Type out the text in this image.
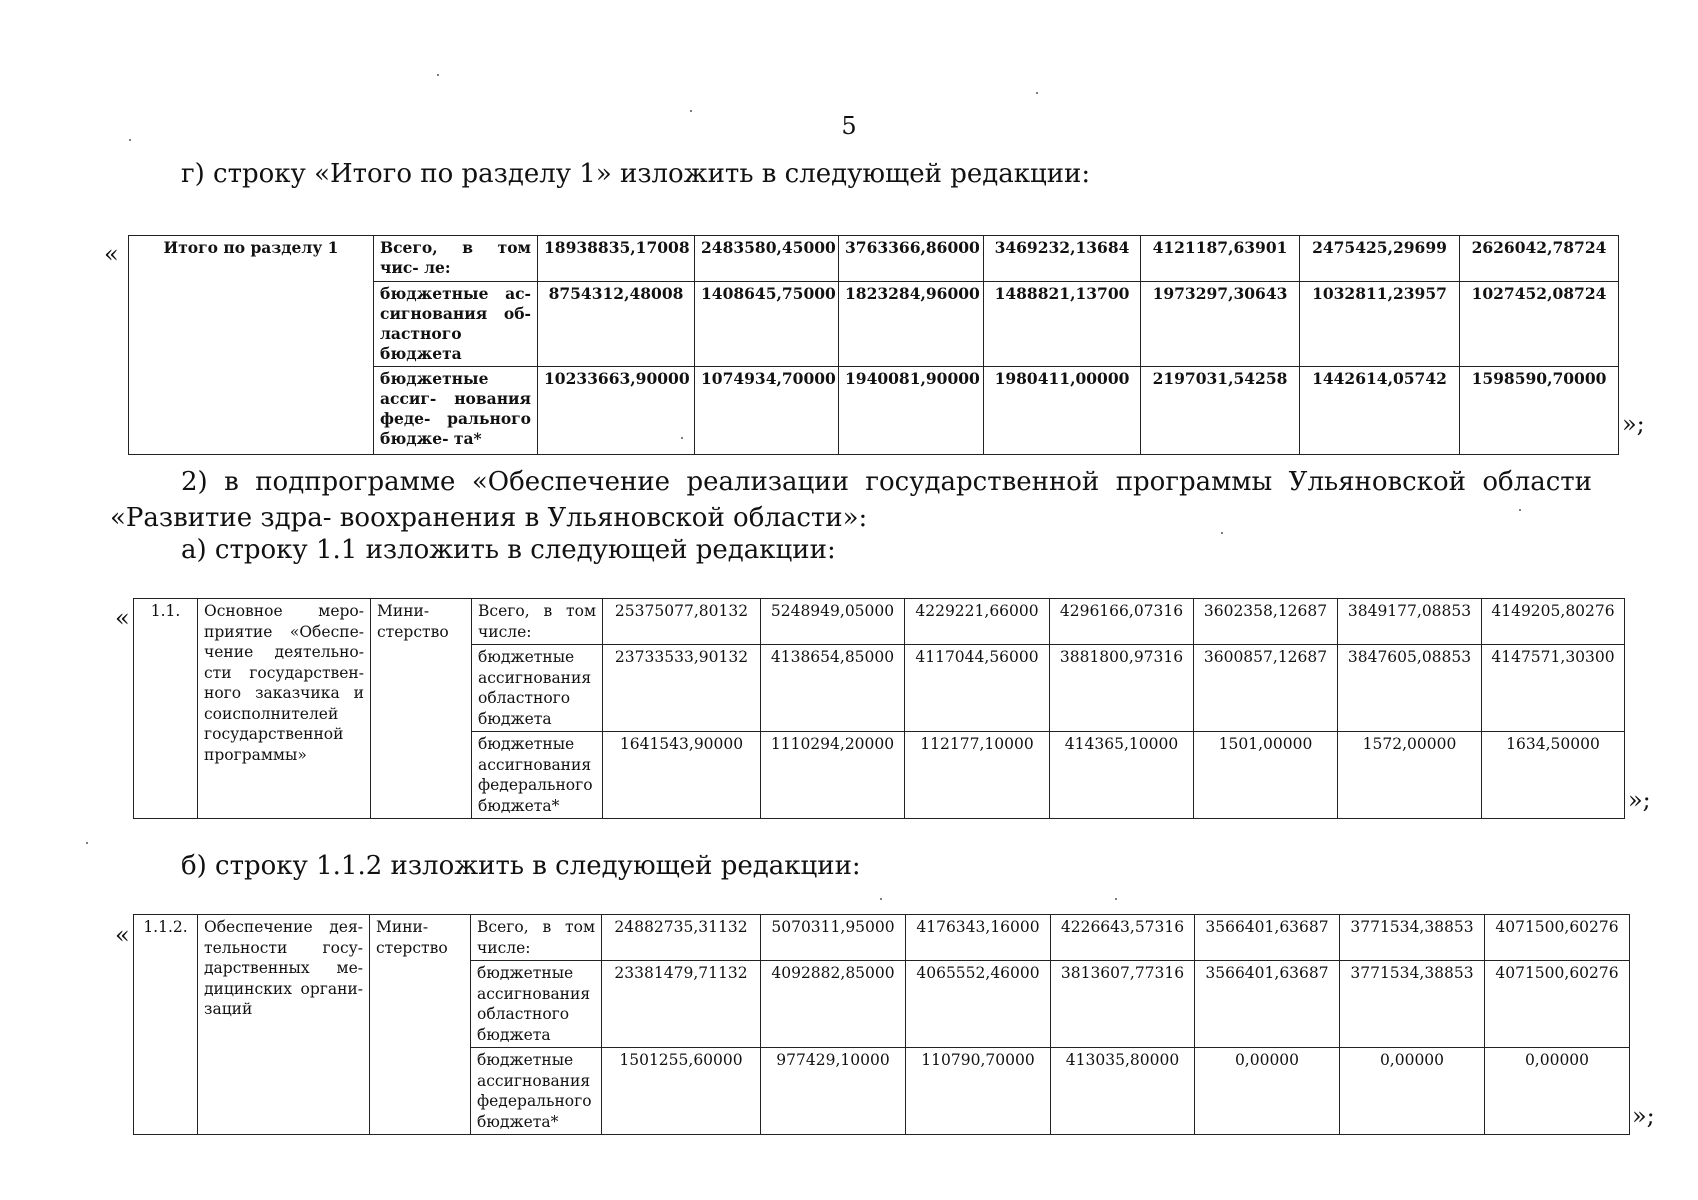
5
г) строку «Итого по разделу 1» изложить в следующей редакции:
«	Итого по разделу 1	Всего, в том чис- ле:	18938835,17008	2483580,45000	3763366,86000	3469232,13684	4121187,63901	2475425,29699	2626042,78724
	бюджетные ас- сигнования об- ластного бюджета	8754312,48008	1408645,75000	1823284,96000	1488821,13700	1973297,30643	1032811,23957	1027452,08724
	бюджетные ассиг- нования феде- рального бюдже- та*	10233663,90000	1074934,70000	1940081,90000	1980411,00000	2197031,54258	1442614,05742	1598590,70000
»;
2) в подпрограмме «Обеспечение реализации государственной программы Ульяновской области «Развитие здра- воохранения в Ульяновской области»:
а) строку 1.1 изложить в следующей редакции:
« 1.1.	Основное меро- приятие «Обеспе- чение деятельно- сти государствен- ного заказчика и соисполнителей государственной программы»	Мини- стерство	Всего, в том числе:	25375077,80132	5248949,05000	4229221,66000	4296166,07316	3602358,12687	3849177,08853	4149205,80276
			бюджетные ассигнования областного бюджета	23733533,90132	4138654,85000	4117044,56000	3881800,97316	3600857,12687	3847605,08853	4147571,30300
			бюджетные ассигнования федерального бюджета*	1641543,90000	1110294,20000	112177,10000	414365,10000	1501,00000	1572,00000	1634,50000
»;
б) строку 1.1.2 изложить в следующей редакции:
« 1.1.2.	Обеспечение дея- тельности госу- дарственных ме- дицинских органи- заций	Мини- стерство	Всего, в том числе:	24882735,31132	5070311,95000	4176343,16000	4226643,57316	3566401,63687	3771534,38853	4071500,60276
			бюджетные ассигнования областного бюджета	23381479,71132	4092882,85000	4065552,46000	3813607,77316	3566401,63687	3771534,38853	4071500,60276
			бюджетные ассигнования федерального бюджета*	1501255,60000	977429,10000	110790,70000	413035,80000	0,00000	0,00000	0,00000
»;
